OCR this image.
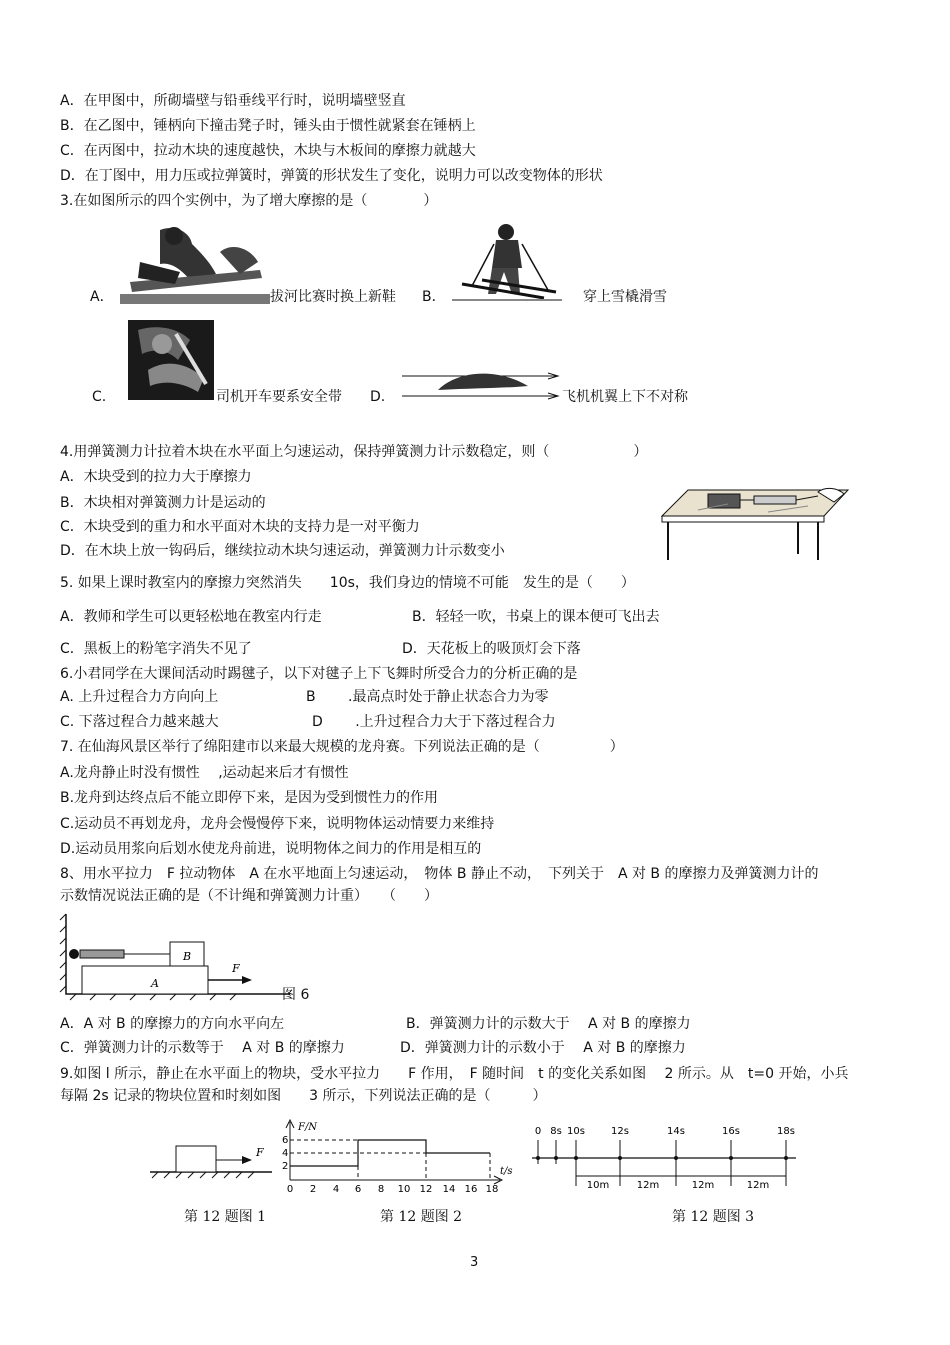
A．在甲图中，所砌墙壁与铅垂线平行时，说明墙壁竖直
B．在乙图中，锤柄向下撞击凳子时，锤头由于惯性就紧套在锤柄上
C．在丙图中，拉动木块的速度越快，木块与木板间的摩擦力就越大
D．在丁图中，用力压或拉弹簧时，弹簧的形状发生了变化，说明力可以改变物体的形状
3.在如图所示的四个实例中，为了增大摩擦的是（　　　　）
A．	拔河比赛时换上新鞋 B．	穿上雪橇滑雪
C.	司机开车要系安全带 D.	飞机机翼上下不对称
4.用弹簧测力计拉着木块在水平面上匀速运动，保持弹簧测力计示数稳定，则（　　　　　　）
A．木块受到的拉力大于摩擦力
B．木块相对弹簧测力计是运动的
C．木块受到的重力和水平面对木块的支持力是一对平衡力
D．在木块上放一钩码后，继续拉动木块匀速运动，弹簧测力计示数变小
5. 如果上课时教室内的摩擦力突然消失　　10s，我们身边的情境不可能　发生的是（　　）
A．教师和学生可以更轻松地在教室内行走	B．轻轻一吹，书桌上的课本便可飞出去
C．黑板上的粉笔字消失不见了	D．天花板上的吸顶灯会下落
6.小君同学在大课间活动时踢毽子，以下对毽子上下飞舞时所受合力的分析正确的是
A. 上升过程合力方向向上	B　　 .最高点时处于静止状态合力为零
C. 下落过程合力越来越大	D　　 .上升过程合力大于下落过程合力
7. 在仙海风景区举行了绵阳建市以来最大规模的龙舟赛。下列说法正确的是（　　　　　）
A.龙舟静止时没有惯性　 ,运动起来后才有惯性
B.龙舟到达终点后不能立即停下来，是因为受到惯性力的作用
C.运动员不再划龙舟，龙舟会慢慢停下来，说明物体运动情要力来维持
D.运动员用浆向后划水使龙舟前进，说明物体之间力的作用是相互的
8、用水平拉力　F 拉动物体　A 在水平地面上匀速运动，　物体 B 静止不动，　下列关于　A 对 B 的摩擦力及弹簧测力计的
示数情况说法正确的是（不计绳和弹簧测力计重）　　（　　）
B
A
F
图 6
A．A 对 B 的摩擦力的方向水平向左	B．弹簧测力计的示数大于　 A 对 B 的摩擦力
C．弹簧测力计的示数等于　 A 对 B 的摩擦力	D．弹簧测力计的示数小于　 A 对 B 的摩擦力
9.如图 l 所示，静止在水平面上的物块，受水平拉力　　F 作用，　F 随时间　t 的变化关系如图　 2 所示。从　t=0 开始，小兵
每隔 2s 记录的物块位置和时刻如图　　3 所示，下列说法正确的是（　　　）
F
F/N
t/s
6
4
2
0 2 4 6 8 10 12 14 16 18
0 8s 10s	12s	14s	16s	18s
10m	12m	12m	12m
第 12 题图 1	第 12 题图 2	第 12 题图 3
3
